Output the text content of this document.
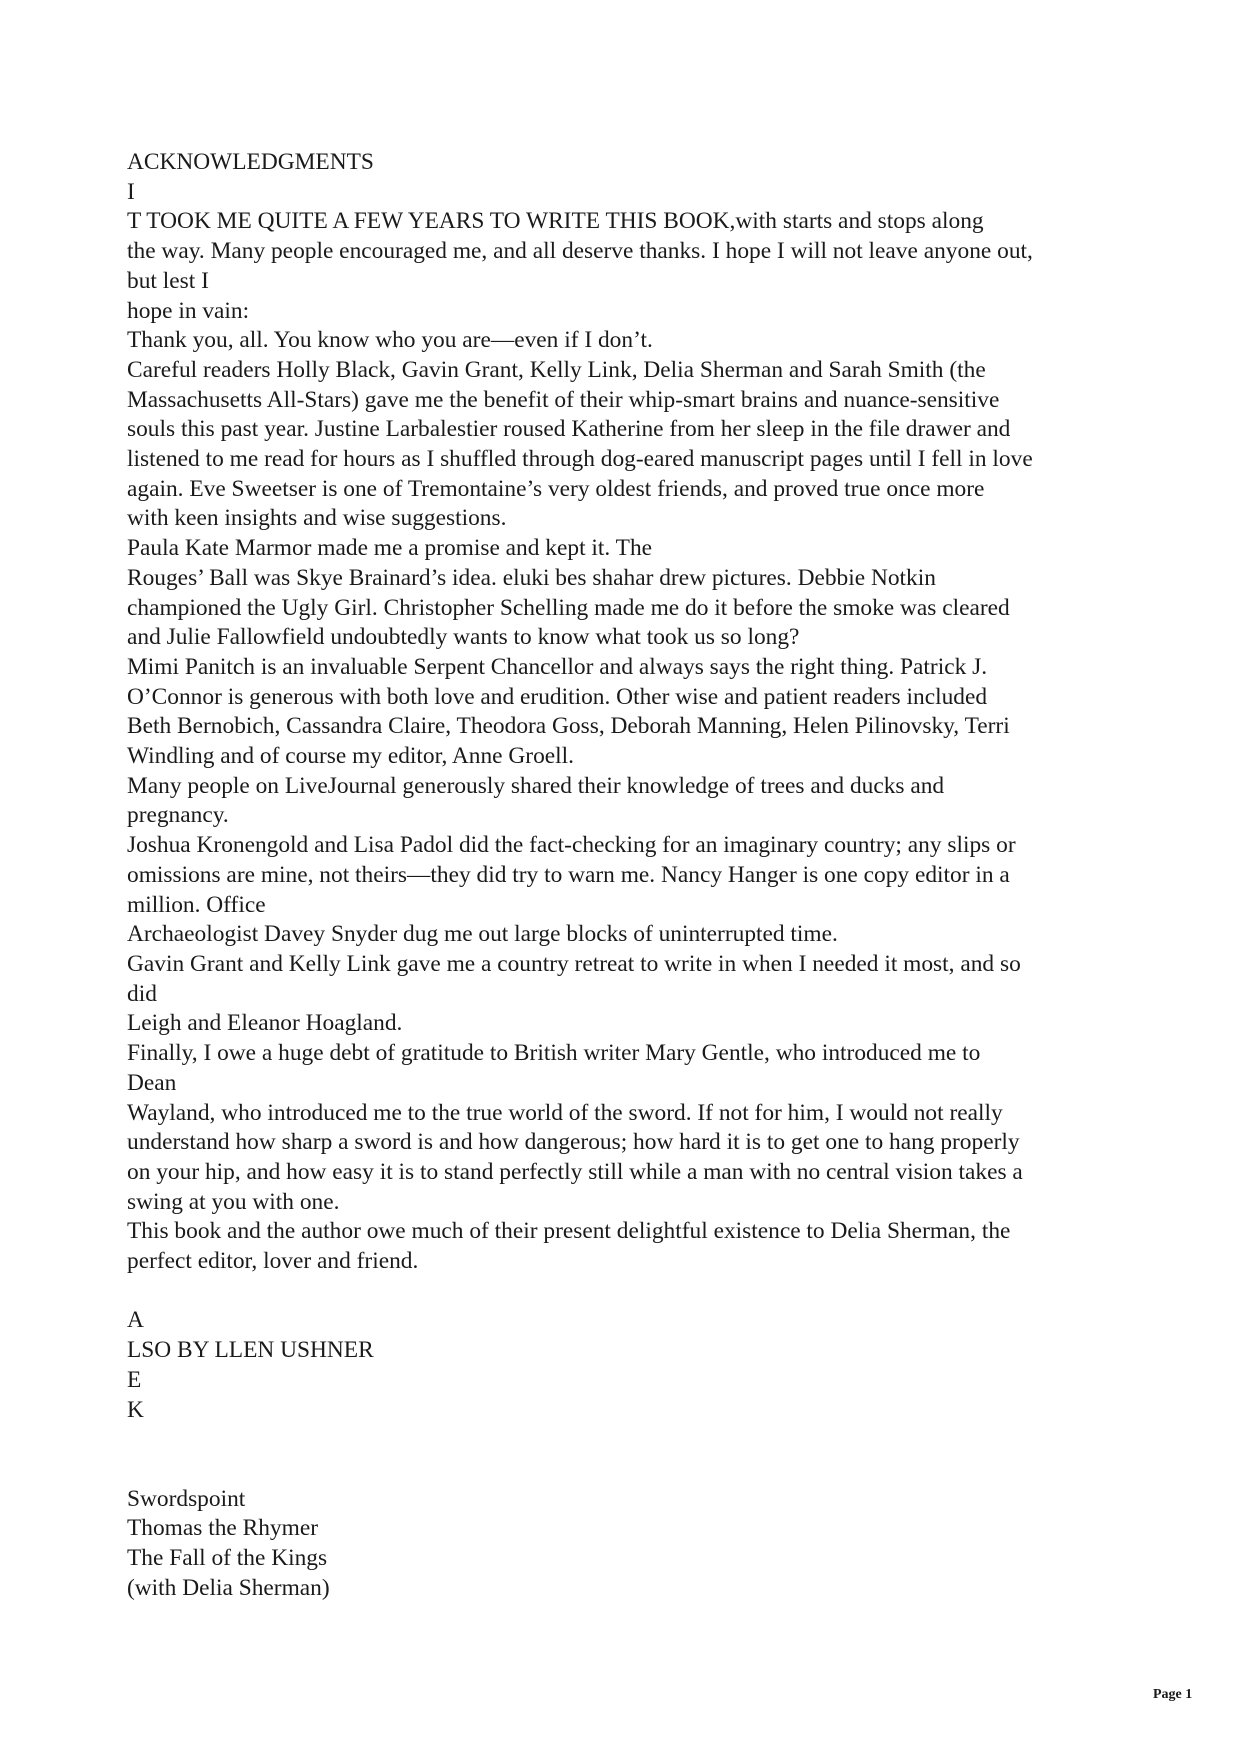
ACKNOWLEDGMENTS
I
T TOOK ME QUITE A FEW YEARS TO WRITE THIS BOOK,with starts and stops along
the way. Many people encouraged me, and all deserve thanks. I hope I will not leave anyone out,
but lest I
hope in vain:
Thank you, all. You know who you are—even if I don’t.
Careful readers Holly Black, Gavin Grant, Kelly Link, Delia Sherman and Sarah Smith (the
Massachusetts All-Stars) gave me the benefit of their whip-smart brains and nuance-sensitive
souls this past year. Justine Larbalestier roused Katherine from her sleep in the file drawer and
listened to me read for hours as I shuffled through dog-eared manuscript pages until I fell in love
again. Eve Sweetser is one of Tremontaine’s very oldest friends, and proved true once more
with keen insights and wise suggestions.
Paula Kate Marmor made me a promise and kept it. The
Rouges’ Ball was Skye Brainard’s idea. eluki bes shahar drew pictures. Debbie Notkin
championed the Ugly Girl. Christopher Schelling made me do it before the smoke was cleared
and Julie Fallowfield undoubtedly wants to know what took us so long?
Mimi Panitch is an invaluable Serpent Chancellor and always says the right thing. Patrick J.
O’Connor is generous with both love and erudition. Other wise and patient readers included
Beth Bernobich, Cassandra Claire, Theodora Goss, Deborah Manning, Helen Pilinovsky, Terri
Windling and of course my editor, Anne Groell.
Many people on LiveJournal generously shared their knowledge of trees and ducks and
pregnancy.
Joshua Kronengold and Lisa Padol did the fact-checking for an imaginary country; any slips or
omissions are mine, not theirs—they did try to warn me. Nancy Hanger is one copy editor in a
million. Office
Archaeologist Davey Snyder dug me out large blocks of uninterrupted time.
Gavin Grant and Kelly Link gave me a country retreat to write in when I needed it most, and so
did
Leigh and Eleanor Hoagland.
Finally, I owe a huge debt of gratitude to British writer Mary Gentle, who introduced me to
Dean
Wayland, who introduced me to the true world of the sword. If not for him, I would not really
understand how sharp a sword is and how dangerous; how hard it is to get one to hang properly
on your hip, and how easy it is to stand perfectly still while a man with no central vision takes a
swing at you with one.
This book and the author owe much of their present delightful existence to Delia Sherman, the
perfect editor, lover and friend.
A
LSO BY LLEN USHNER
E
K
Swordspoint
Thomas the Rhymer
The Fall of the Kings
(with Delia Sherman)
Page 1
